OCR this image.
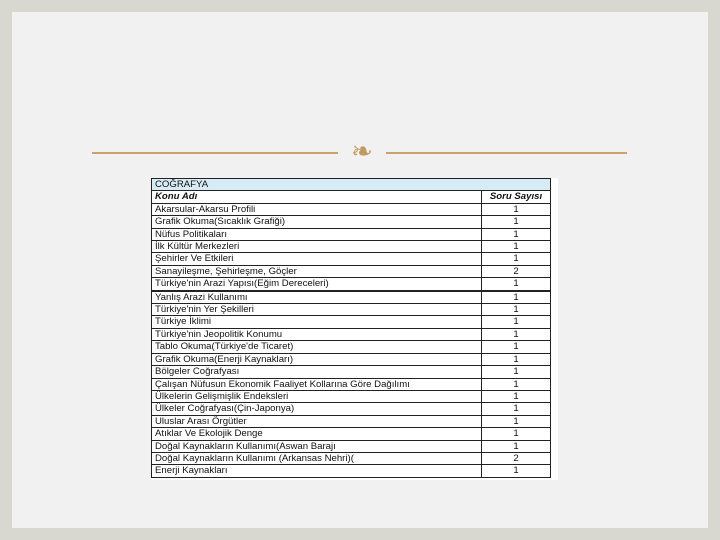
❧
COĞRAFYA	
Konu Adı	Soru Sayısı
Akarsular-Akarsu Profili	1
Grafik Okuma(Sıcaklık Grafiği)	1
Nüfus Politikaları	1
İlk Kültür Merkezleri	1
Şehirler Ve Etkileri	1
Sanayileşme, Şehirleşme, Göçler	2
Türkiye'nin Arazi Yapısı(Eğim Dereceleri)	1
Yanlış Arazi Kullanımı	1
Türkiye'nin Yer Şekilleri	1
Türkiye İklimi	1
Türkiye'nin Jeopolitik Konumu	1
Tablo Okuma(Türkiye'de Ticaret)	1
Grafik Okuma(Enerji Kaynakları)	1
Bölgeler Coğrafyası	1
Çalışan Nüfusun Ekonomik Faaliyet Kollarına Göre Dağılımı	1
Ülkelerin Gelişmişlik Endeksleri	1
Ülkeler Coğrafyası(Çin-Japonya)	1
Uluslar Arası Örgütler	1
Atıklar Ve Ekolojik Denge	1
Doğal Kaynakların Kullanımı(Aswan Barajı	1
Doğal Kaynakların Kullanımı (Arkansas Nehri)(	2
Enerji Kaynakları	1
